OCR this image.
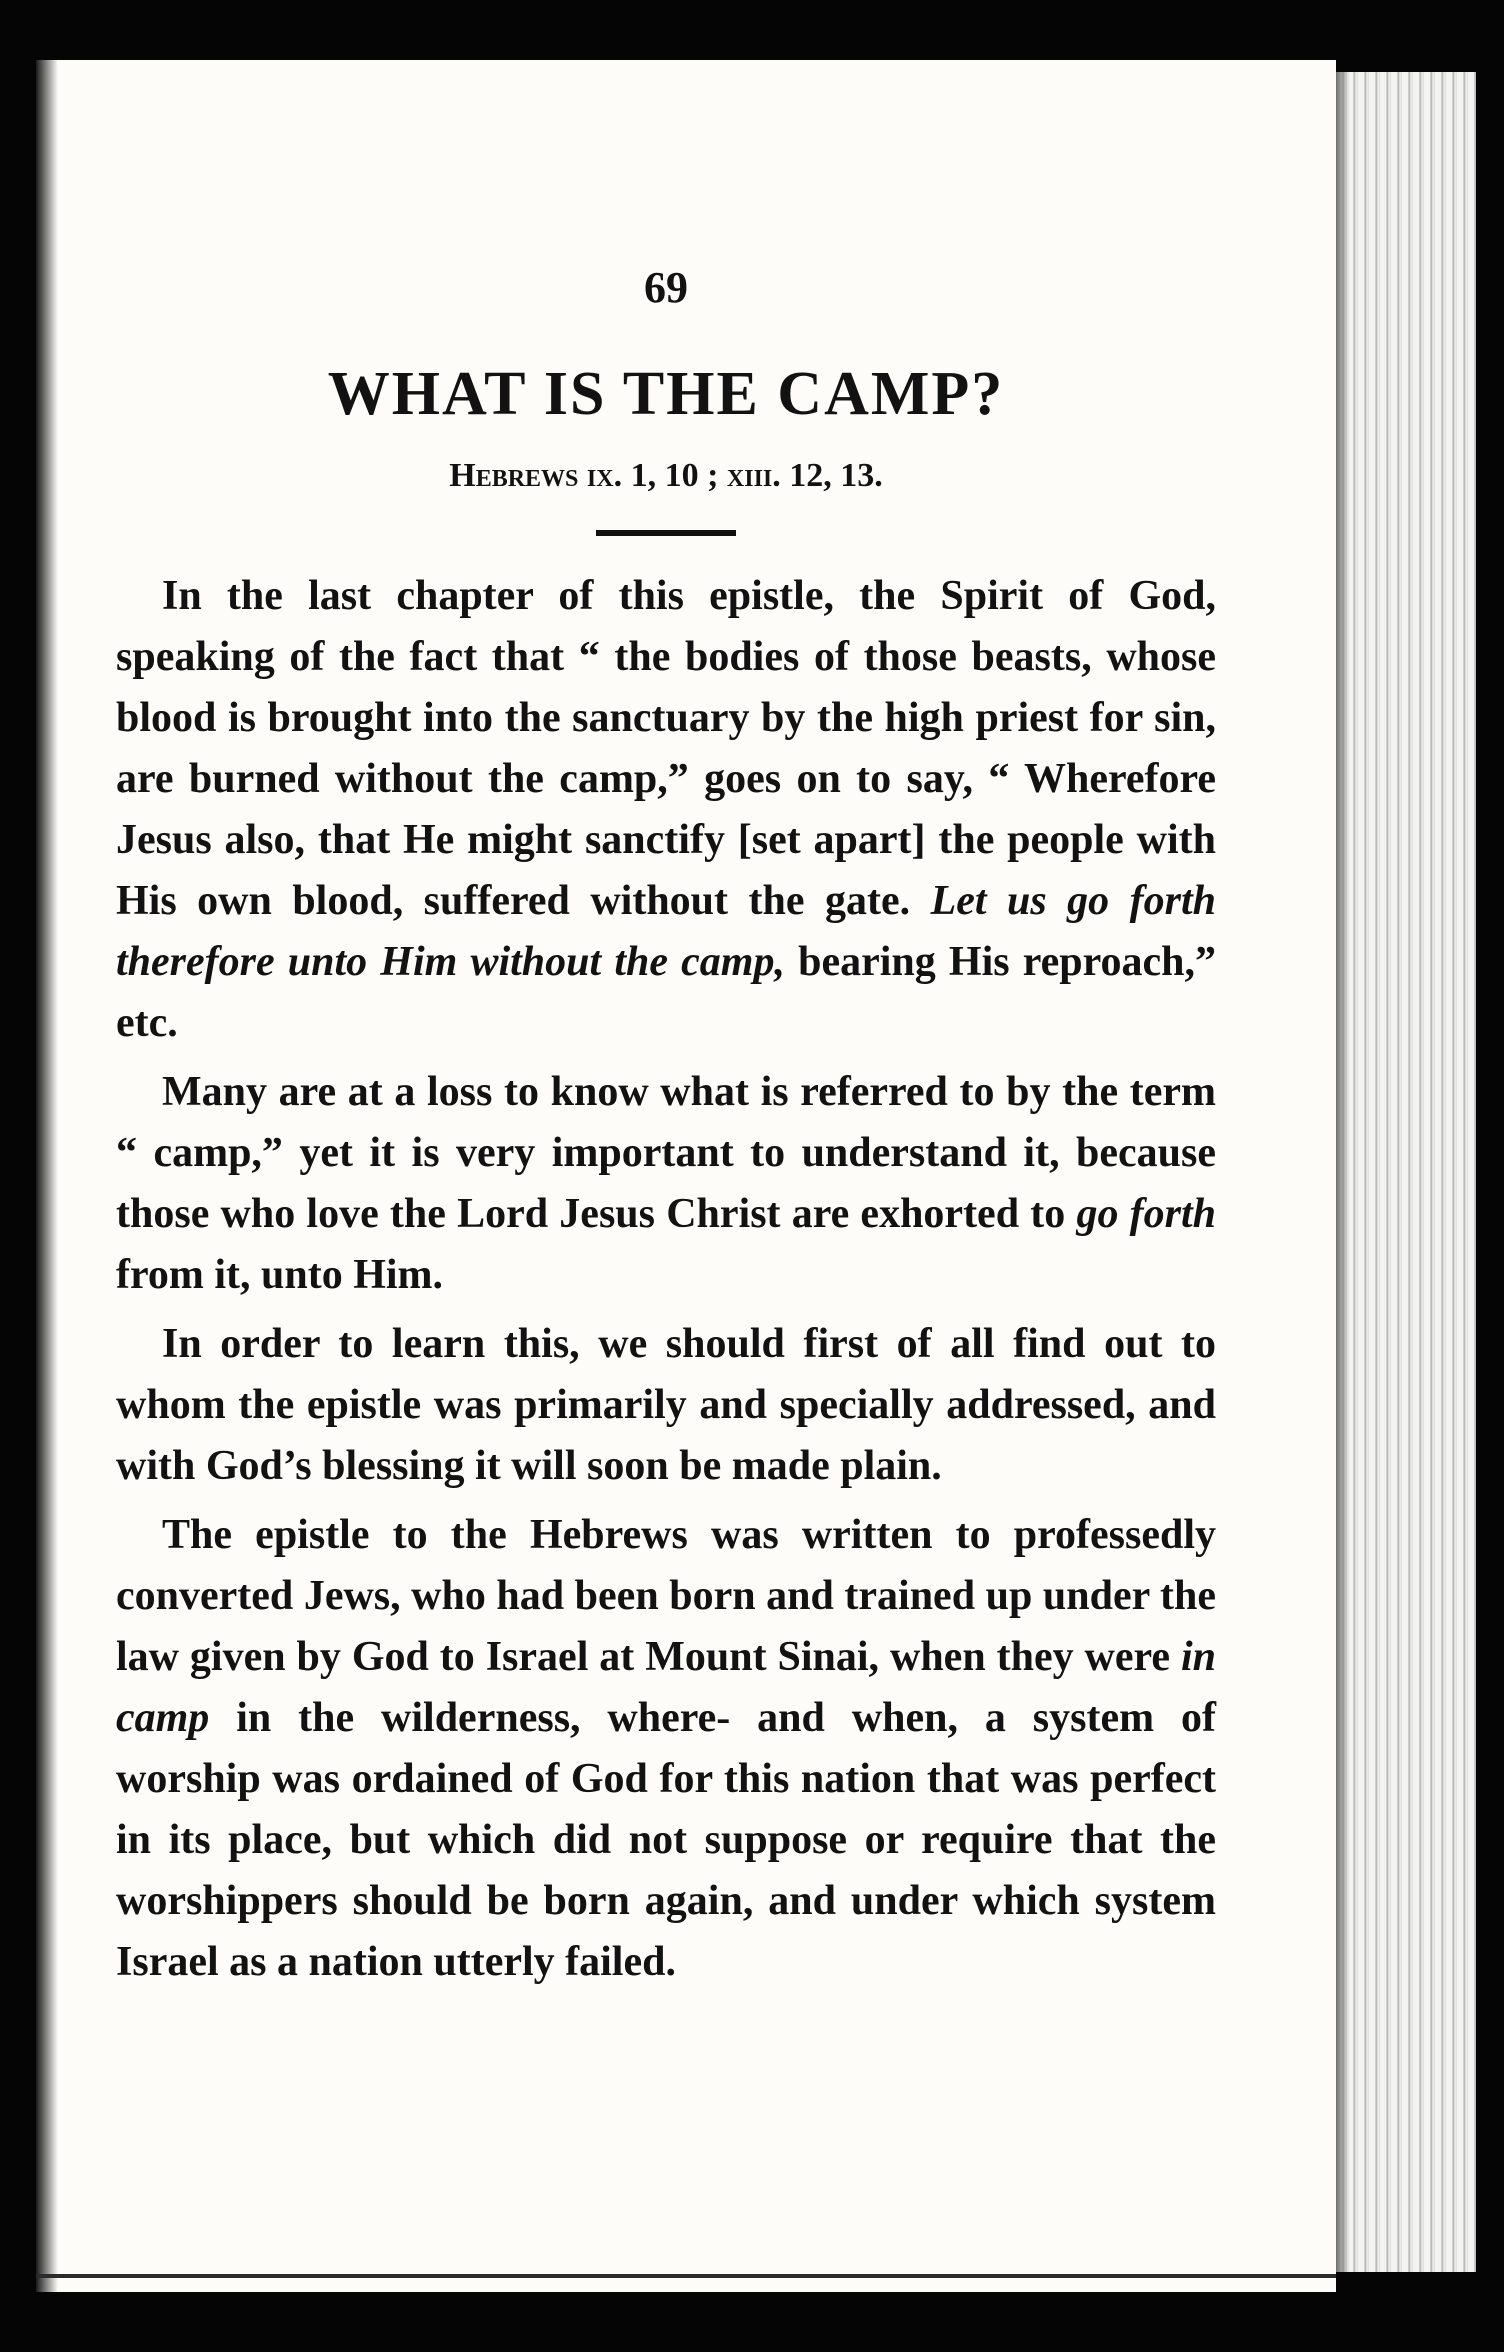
69
WHAT IS THE CAMP?
Hebrews ix. 1, 10 ; xiii. 12, 13.

In the last chapter of this epistle, the Spirit of God, speaking of the fact that “ the bodies of those beasts, whose blood is brought into the sanctuary by the high priest for sin, are burned without the camp,” goes on to say, “ Wherefore Jesus also, that He might sanctify [set apart] the people with His own blood, suffered without the gate. Let us go forth therefore unto Him without the camp, bearing His reproach,” etc.

Many are at a loss to know what is referred to by the term “ camp,” yet it is very important to understand it, because those who love the Lord Jesus Christ are exhorted to go forth from it, unto Him.

In order to learn this, we should first of all find out to whom the epistle was primarily and specially addressed, and with God’s blessing it will soon be made plain.

The epistle to the Hebrews was written to professedly converted Jews, who had been born and trained up under the law given by God to Israel at Mount Sinai, when they were in camp in the wilderness, where- and when, a system of worship was ordained of God for this nation that was perfect in its place, but which did not suppose or require that the worshippers should be born again, and under which system Israel as a nation utterly failed.
